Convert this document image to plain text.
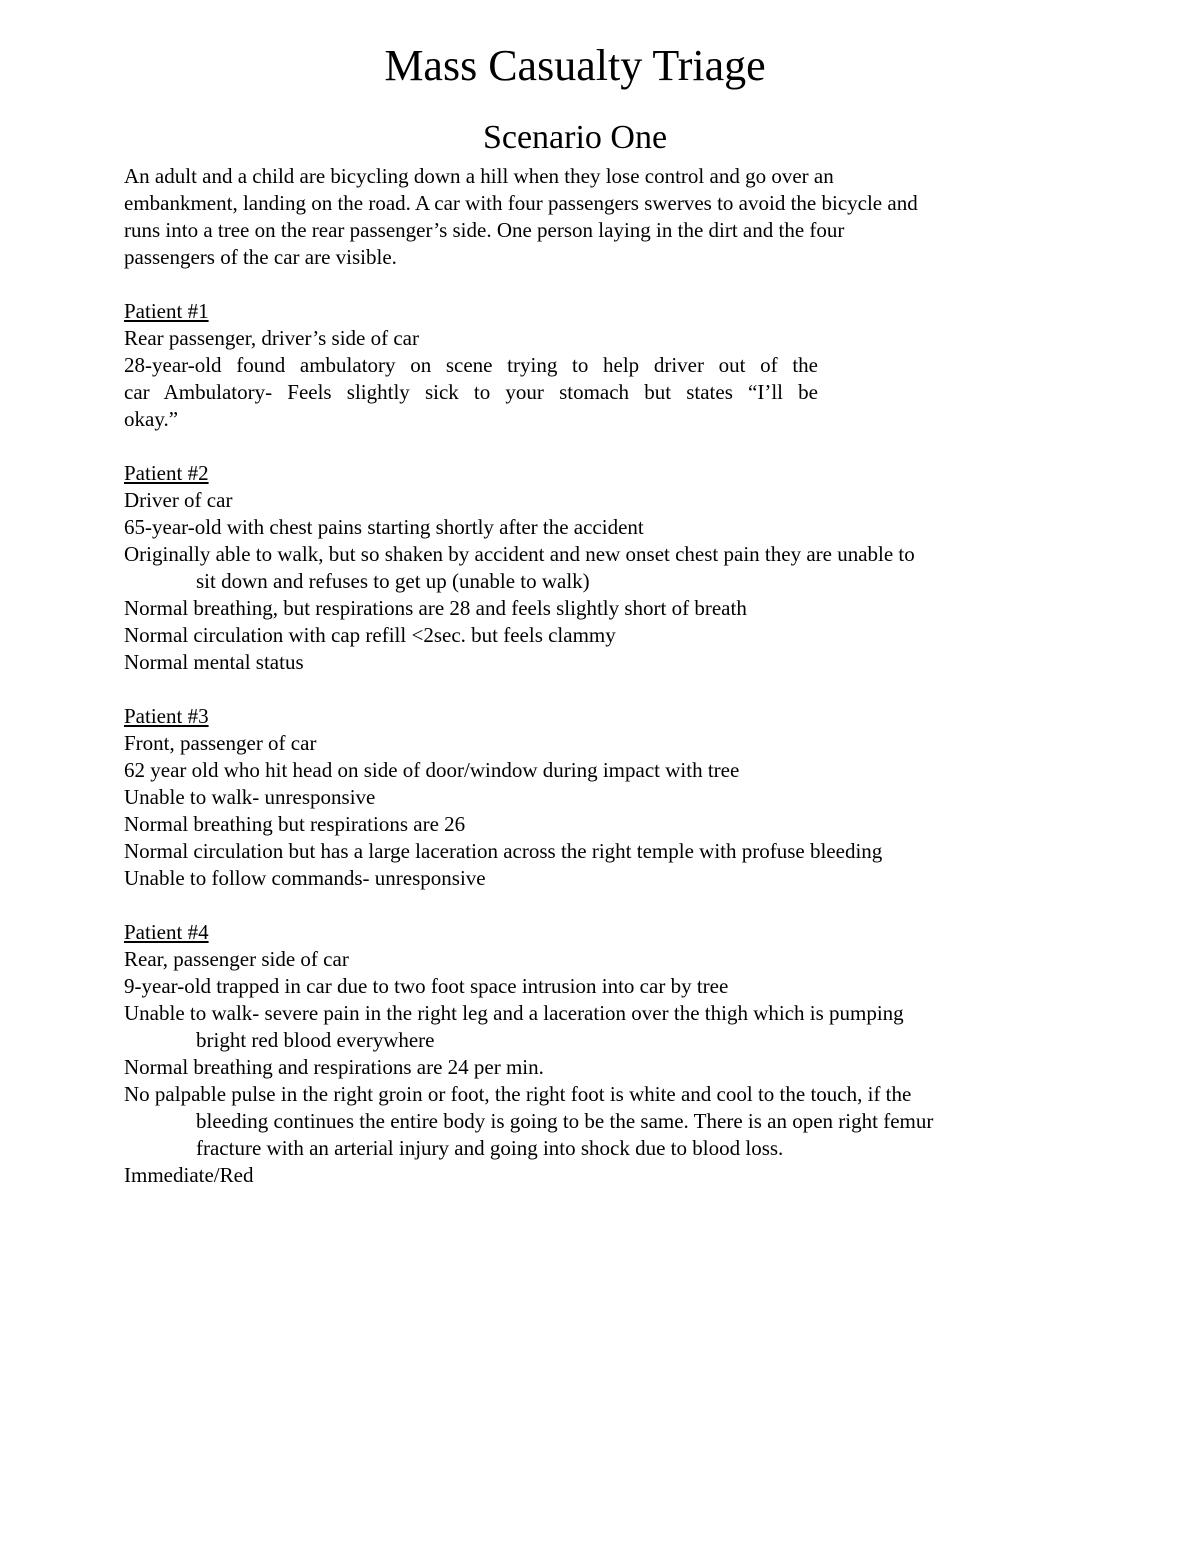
Mass Casualty Triage
Scenario One

An adult and a child are bicycling down a hill when they lose control and go over an
embankment, landing on the road. A car with four passengers swerves to avoid the bicycle and
runs into a tree on the rear passenger’s side. One person laying in the dirt and the four
passengers of the car are visible.

Patient #1
Rear passenger, driver’s side of car
28-year-old found ambulatory on scene trying to help driver out of the
car Ambulatory- Feels slightly sick to your stomach but states “I’ll be
okay.”

Patient #2
Driver of car
65-year-old with chest pains starting shortly after the accident
Originally able to walk, but so shaken by accident and new onset chest pain they are unable to
sit down and refuses to get up (unable to walk)
Normal breathing, but respirations are 28 and feels slightly short of breath
Normal circulation with cap refill <2sec. but feels clammy
Normal mental status

Patient #3
Front, passenger of car
62 year old who hit head on side of door/window during impact with tree
Unable to walk- unresponsive
Normal breathing but respirations are 26
Normal circulation but has a large laceration across the right temple with profuse bleeding
Unable to follow commands- unresponsive

Patient #4
Rear, passenger side of car
9-year-old trapped in car due to two foot space intrusion into car by tree
Unable to walk- severe pain in the right leg and a laceration over the thigh which is pumping
bright red blood everywhere
Normal breathing and respirations are 24 per min.
No palpable pulse in the right groin or foot, the right foot is white and cool to the touch, if the
bleeding continues the entire body is going to be the same. There is an open right femur
fracture with an arterial injury and going into shock due to blood loss.
Immediate/Red
